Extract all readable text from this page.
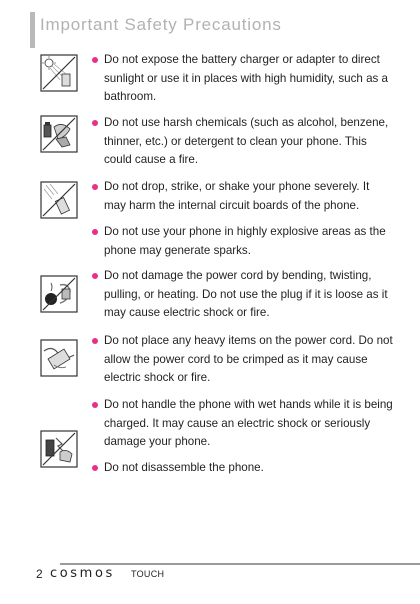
Important Safety Precautions
Do not expose the battery charger or adapter to direct sunlight or use it in places with high humidity, such as a bathroom.
Do not use harsh chemicals (such as alcohol, benzene, thinner, etc.) or detergent to clean your phone. This could cause a fire.
Do not drop, strike, or shake your phone severely. It may harm the internal circuit boards of the phone.
Do not use your phone in highly explosive areas as the phone may generate sparks.
Do not damage the power cord by bending, twisting, pulling, or heating. Do not use the plug if it is loose as it may cause electric shock or fire.
Do not place any heavy items on the power cord. Do not allow the power cord to be crimped as it may cause electric shock or fire.
Do not handle the phone with wet hands while it is being charged. It may cause an electric shock or seriously damage your phone.
Do not disassemble the phone.
2 cosmos TOUCH
